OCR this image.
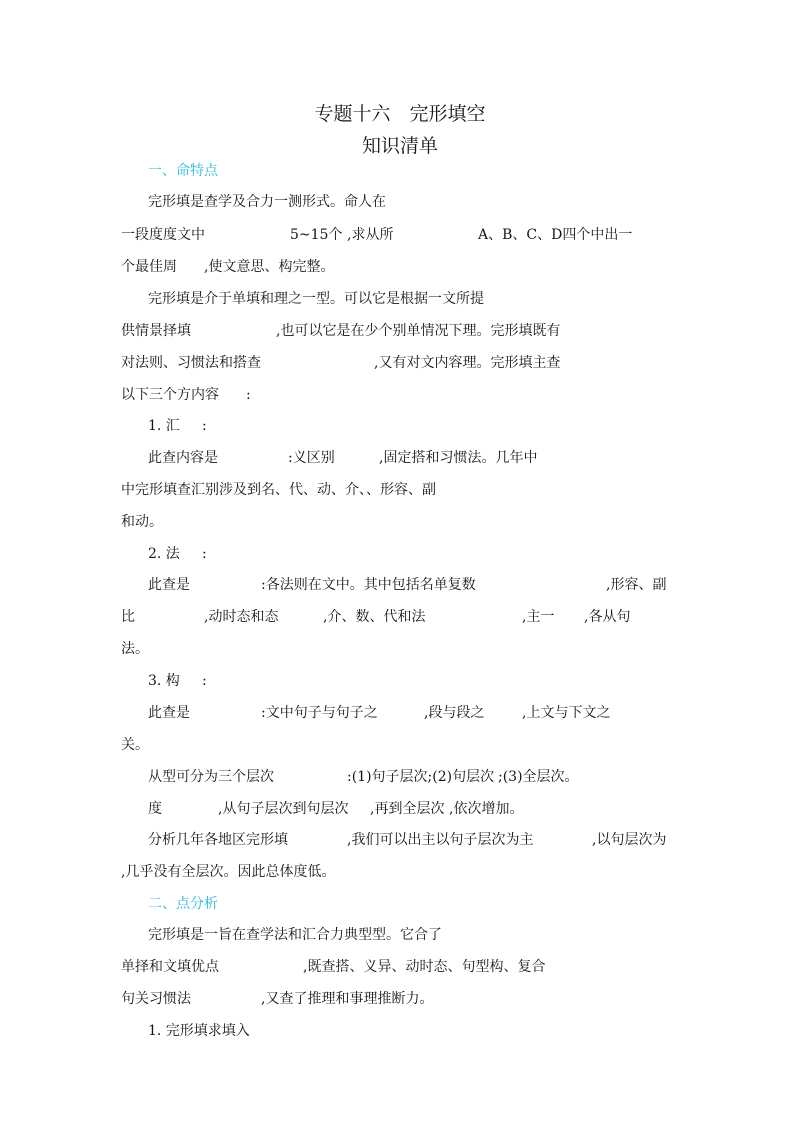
专题十六　完形填空
知识清单
一、命特点
完形填是查学及合力一测形式。命人在
一段度度文中	5~15个 ,求从所	A、B、C、D四个中出一
个最佳周 ,使文意思、构完整。
完形填是介于单填和理之一型。可以它是根据一文所提
供情景择填	,也可以它是在少个别单情况下理。完形填既有
对法则、习惯法和搭查	,又有对文内容理。完形填主查
以下三个方内容 :
1. 汇 :
此查内容是	:义区别	,固定搭和习惯法。几年中
中完形填查汇别涉及到名、代、动、介、、形容、副
和动。
2. 法 :
此查是	:各法则在文中。其中包括名单复数	,形容、副
比	,动时态和态	,介、数、代和法	,主一 ,各从句
法。
3. 构 :
此查是	:文中句子与句子之	,段与段之	,上文与下文之
关。
从型可分为三个层次	:(1)句子层次;(2)句层次 ;(3)全层次。
度	,从句子层次到句层次 ,再到全层次 ,依次增加。
分析几年各地区完形填	,我们可以出主以句子层次为主	,以句层次为
,几乎没有全层次。因此总体度低。
二、点分析
完形填是一旨在查学法和汇合力典型型。它合了
单择和文填优点	,既查搭、义异、动时态、句型构、复合
句关习惯法	,又查了推理和事理推断力。
1. 完形填求填入
